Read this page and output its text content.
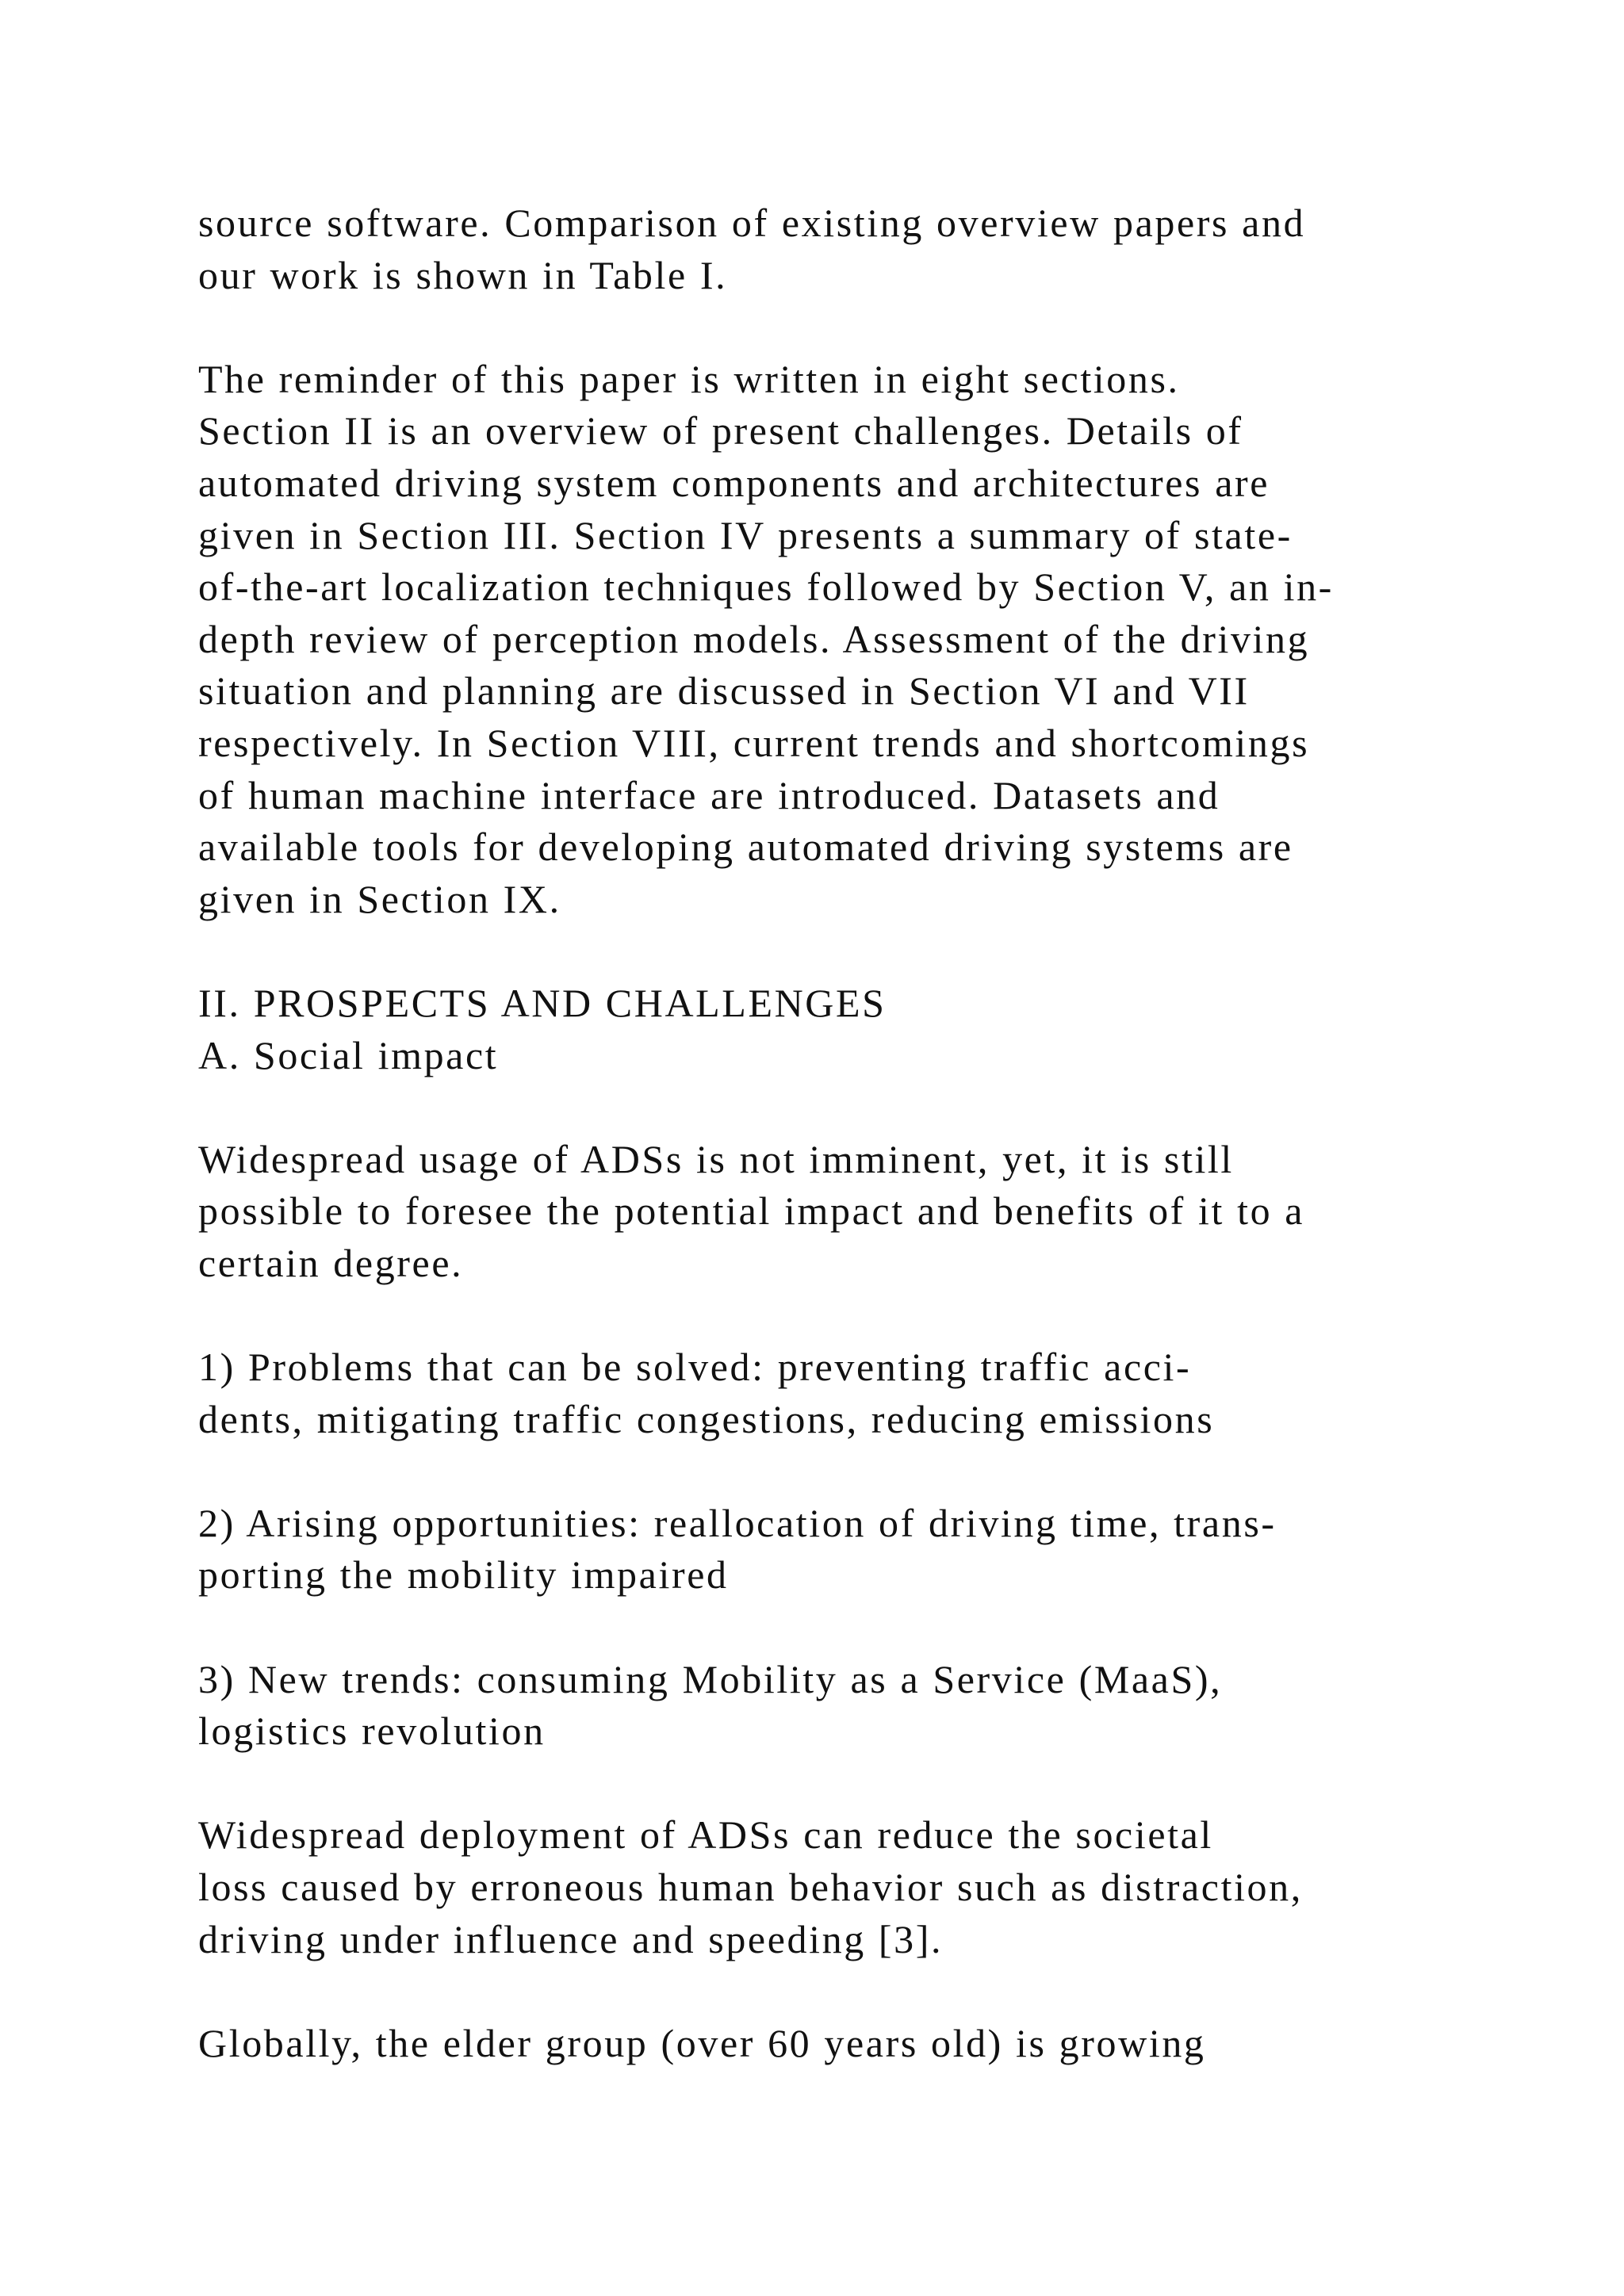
source software. Comparison of existing overview papers and
our work is shown in Table I.
The reminder of this paper is written in eight sections.
Section II is an overview of present challenges. Details of
automated driving system components and architectures are
given in Section III. Section IV presents a summary of state-
of-the-art localization techniques followed by Section V, an in-
depth review of perception models. Assessment of the driving
situation and planning are discussed in Section VI and VII
respectively. In Section VIII, current trends and shortcomings
of human machine interface are introduced. Datasets and
available tools for developing automated driving systems are
given in Section IX.
II. PROSPECTS AND CHALLENGES
A. Social impact
Widespread usage of ADSs is not imminent, yet, it is still
possible to foresee the potential impact and benefits of it to a
certain degree.
1) Problems that can be solved: preventing traffic acci-
dents, mitigating traffic congestions, reducing emissions
2) Arising opportunities: reallocation of driving time, trans-
porting the mobility impaired
3) New trends: consuming Mobility as a Service (MaaS),
logistics revolution
Widespread deployment of ADSs can reduce the societal
loss caused by erroneous human behavior such as distraction,
driving under influence and speeding [3].
Globally, the elder group (over 60 years old) is growing
